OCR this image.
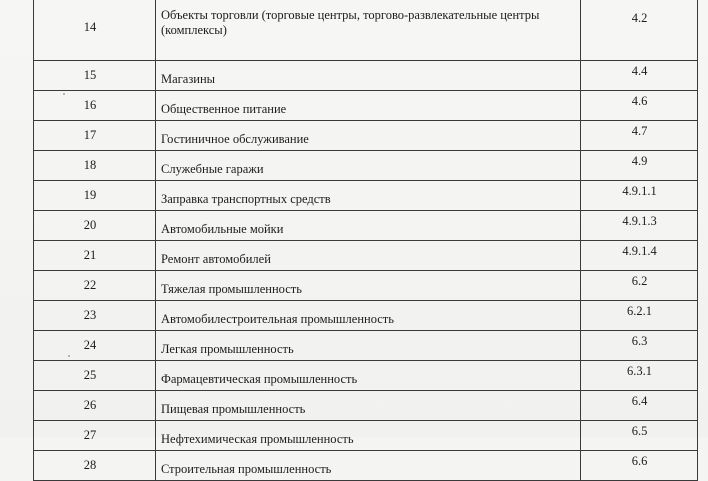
14	Объекты торговли (торговые центры, торгово-развлекательные центры (комплексы)	4.2
15	Магазины	4.4
16	Общественное питание	4.6
17	Гостиничное обслуживание	4.7
18	Служебные гаражи	4.9
19	Заправка транспортных средств	4.9.1.1
20	Автомобильные мойки	4.9.1.3
21	Ремонт автомобилей	4.9.1.4
22	Тяжелая промышленность	6.2
23	Автомобилестроительная промышленность	6.2.1
24	Легкая промышленность	6.3
25	Фармацевтическая промышленность	6.3.1
26	Пищевая промышленность	6.4
27	Нефтехимическая промышленность	6.5
28	Строительная промышленность	6.6
